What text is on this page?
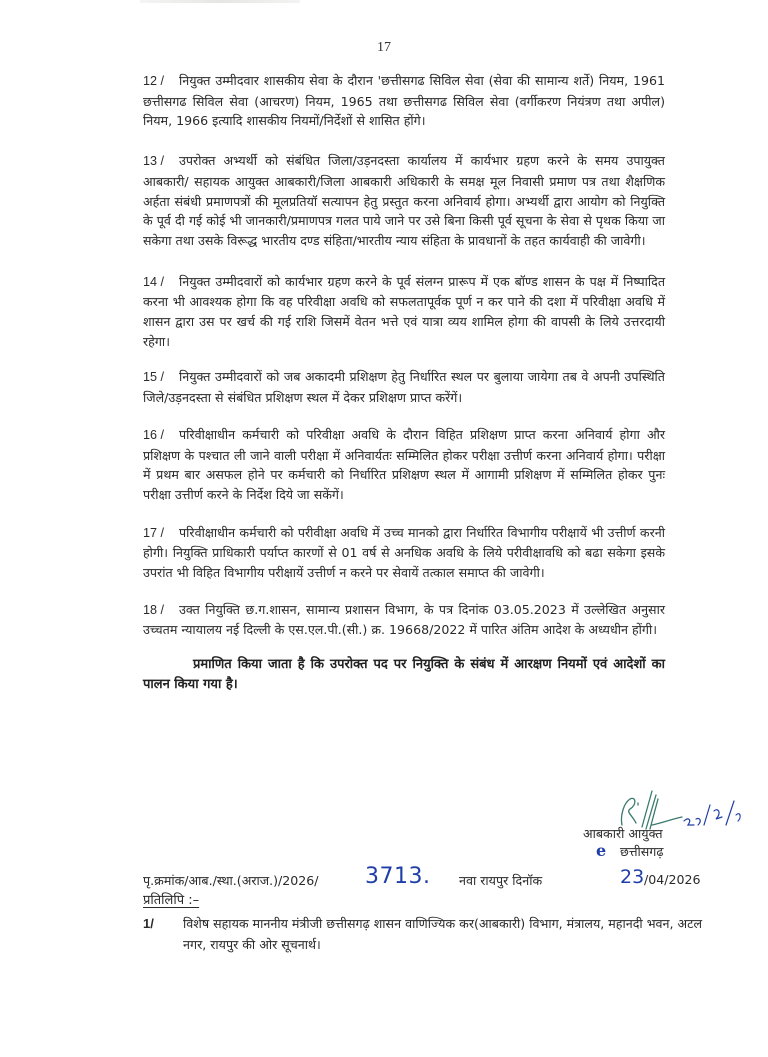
17

12 / नियुक्त उम्मीदवार शासकीय सेवा के दौरान 'छत्तीसगढ सिविल सेवा (सेवा की सामान्य शर्ते) नियम, 1961 छत्तीसगढ सिविल सेवा (आचरण) नियम, 1965 तथा छत्तीसगढ सिविल सेवा (वर्गीकरण नियंत्रण तथा अपील) नियम, 1966 इत्यादि शासकीय नियमों/निर्देशों से शासित होंगे।

13 / उपरोक्त अभ्यर्थी को संबंधित जिला/उड़नदस्ता कार्यालय में कार्यभार ग्रहण करने के समय उपायुक्त आबकारी/ सहायक आयुक्त आबकारी/जिला आबकारी अधिकारी के समक्ष मूल निवासी प्रमाण पत्र तथा शैक्षणिक अर्हता संबंधी प्रमाणपत्रों की मूलप्रतियॉ सत्यापन हेतु प्रस्तुत करना अनिवार्य होगा। अभ्यर्थी द्वारा आयोग को नियुक्ति के पूर्व दी गई कोई भी जानकारी/प्रमाणपत्र गलत पाये जाने पर उसे बिना किसी पूर्व सूचना के सेवा से पृथक किया जा सकेगा तथा उसके विरूद्ध भारतीय दण्ड संहिता/भारतीय न्याय संहिता के प्रावधानों के तहत कार्यवाही की जावेगी।

14 / नियुक्त उम्मीदवारों को कार्यभार ग्रहण करने के पूर्व संलग्न प्रारूप में एक बॉण्ड शासन के पक्ष में निष्पादित करना भी आवश्यक होगा कि वह परिवीक्षा अवधि को सफलतापूर्वक पूर्ण न कर पाने की दशा में परिवीक्षा अवधि में शासन द्वारा उस पर खर्च की गई राशि जिसमें वेतन भत्ते एवं यात्रा व्यय शामिल होगा की वापसी के लिये उत्तरदायी रहेगा।

15 / नियुक्त उम्मीदवारों को जब अकादमी प्रशिक्षण हेतु निर्धारित स्थल पर बुलाया जायेगा तब वे अपनी उपस्थिति जिले/उड़नदस्ता से संबंधित प्रशिक्षण स्थल में देकर प्रशिक्षण प्राप्त करेंगें।

16 / परिवीक्षाधीन कर्मचारी को परिवीक्षा अवधि के दौरान विहित प्रशिक्षण प्राप्त करना अनिवार्य होगा और प्रशिक्षण के पश्चात ली जाने वाली परीक्षा में अनिवार्यतः सम्मिलित होकर परीक्षा उत्तीर्ण करना अनिवार्य होगा। परीक्षा में प्रथम बार असफल होने पर कर्मचारी को निर्धारित प्रशिक्षण स्थल में आगामी प्रशिक्षण में सम्मिलित होकर पुनः परीक्षा उत्तीर्ण करने के निर्देश दिये जा सकेंगें।

17 / परिवीक्षाधीन कर्मचारी को परीवीक्षा अवधि में उच्च मानको द्वारा निर्धारित विभागीय परीक्षायें भी उत्तीर्ण करनी होगी। नियुक्ति प्राधिकारी पर्याप्त कारणों से 01 वर्ष से अनधिक अवधि के लिये परीवीक्षावधि को बढा सकेगा इसके उपरांत भी विहित विभागीय परीक्षायें उत्तीर्ण न करने पर सेवायें तत्काल समाप्त की जावेगी।

18 / उक्त नियुक्ति छ.ग.शासन, सामान्य प्रशासन विभाग, के पत्र दिनांक 03.05.2023 में उल्लेखित अनुसार उच्चतम न्यायालय नई दिल्ली के एस.एल.पी.(सी.) क्र. 19668/2022 में पारित अंतिम आदेश के अध्यधीन होंगी।

प्रमाणित किया जाता है कि उपरोक्त पद पर नियुक्ति के संबंध में आरक्षण नियमों एवं आदेशों का पालन किया गया है।

आबकारी आयुक्त
e छत्तीसगढ़
पृ.क्रमांक/आब./स्था.(अराज.)/2026/ 3713. नवा रायपुर दिनॉक	23 /04/2026
प्रतिलिपि :–
1/	विशेष सहायक माननीय मंत्रीजी छत्तीसगढ़ शासन वाणिज्यिक कर(आबकारी) विभाग, मंत्रालय, महानदी भवन, अटल नगर, रायपुर की ओर सूचनार्थ।
